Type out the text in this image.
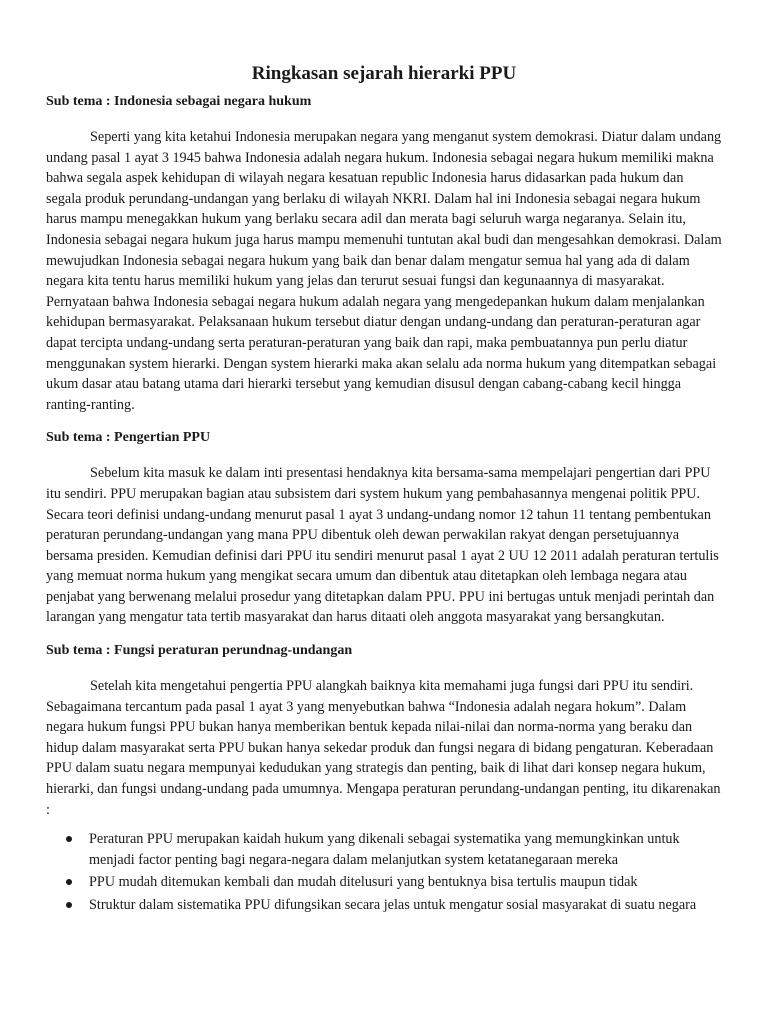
Ringkasan sejarah hierarki PPU
Sub tema : Indonesia sebagai negara hukum

Seperti yang kita ketahui Indonesia merupakan negara yang menganut system demokrasi. Diatur dalam undang undang pasal 1 ayat 3 1945 bahwa Indonesia adalah negara hukum. Indonesia sebagai negara hukum memiliki makna bahwa segala aspek kehidupan di wilayah negara kesatuan republic Indonesia harus didasarkan pada hukum dan segala produk perundang-undangan yang berlaku di wilayah NKRI. Dalam hal ini Indonesia sebagai negara hukum harus mampu menegakkan hukum yang berlaku secara adil dan merata bagi seluruh warga negaranya. Selain itu, Indonesia sebagai negara hukum juga harus mampu memenuhi tuntutan akal budi dan mengesahkan demokrasi. Dalam mewujudkan Indonesia sebagai negara hukum yang baik dan benar dalam mengatur semua hal yang ada di dalam negara kita tentu harus memiliki hukum yang jelas dan terurut sesuai fungsi dan kegunaannya di masyarakat. Pernyataan bahwa Indonesia sebagai negara hukum adalah negara yang mengedepankan hukum dalam menjalankan kehidupan bermasyarakat. Pelaksanaan hukum tersebut diatur dengan undang-undang dan peraturan-peraturan agar dapat tercipta undang-undang serta peraturan-peraturan yang baik dan rapi, maka pembuatannya pun perlu diatur menggunakan system hierarki. Dengan system hierarki maka akan selalu ada norma hukum yang ditempatkan sebagai ukum dasar atau batang utama dari hierarki tersebut yang kemudian disusul dengan cabang-cabang kecil hingga ranting-ranting.

Sub tema : Pengertian PPU

Sebelum kita masuk ke dalam inti presentasi hendaknya kita bersama-sama mempelajari pengertian dari PPU itu sendiri. PPU merupakan bagian atau subsistem dari system hukum yang pembahasannya mengenai politik PPU. Secara teori definisi undang-undang menurut pasal 1 ayat 3 undang-undang nomor 12 tahun 11 tentang pembentukan peraturan perundang-undangan yang mana PPU dibentuk oleh dewan perwakilan rakyat dengan persetujuannya bersama presiden. Kemudian definisi dari PPU itu sendiri menurut pasal 1 ayat 2 UU 12 2011 adalah peraturan tertulis yang memuat norma hukum yang mengikat secara umum dan dibentuk atau ditetapkan oleh lembaga negara atau penjabat yang berwenang melalui prosedur yang ditetapkan dalam PPU. PPU ini bertugas untuk menjadi perintah dan larangan yang mengatur tata tertib masyarakat dan harus ditaati oleh anggota masyarakat yang bersangkutan.

Sub tema : Fungsi peraturan perundnag-undangan

Setelah kita mengetahui pengertia PPU alangkah baiknya kita memahami juga fungsi dari PPU itu sendiri. Sebagaimana tercantum pada pasal 1 ayat 3 yang menyebutkan bahwa “Indonesia adalah negara hokum”. Dalam negara hukum fungsi PPU bukan hanya memberikan bentuk kepada nilai-nilai dan norma-norma yang beraku dan hidup dalam masyarakat serta PPU bukan hanya sekedar produk dan fungsi negara di bidang pengaturan. Keberadaan PPU dalam suatu negara mempunyai kedudukan yang strategis dan penting, baik di lihat dari konsep negara hukum, hierarki, dan fungsi undang-undang pada umumnya. Mengapa peraturan perundang-undangan penting, itu dikarenakan :

Peraturan PPU merupakan kaidah hukum yang dikenali sebagai systematika yang memungkinkan untuk menjadi factor penting bagi negara-negara dalam melanjutkan system ketatanegaraan mereka
PPU mudah ditemukan kembali dan mudah ditelusuri yang bentuknya bisa tertulis maupun tidak
Struktur dalam sistematika PPU difungsikan secara jelas untuk mengatur sosial masyarakat di suatu negara
